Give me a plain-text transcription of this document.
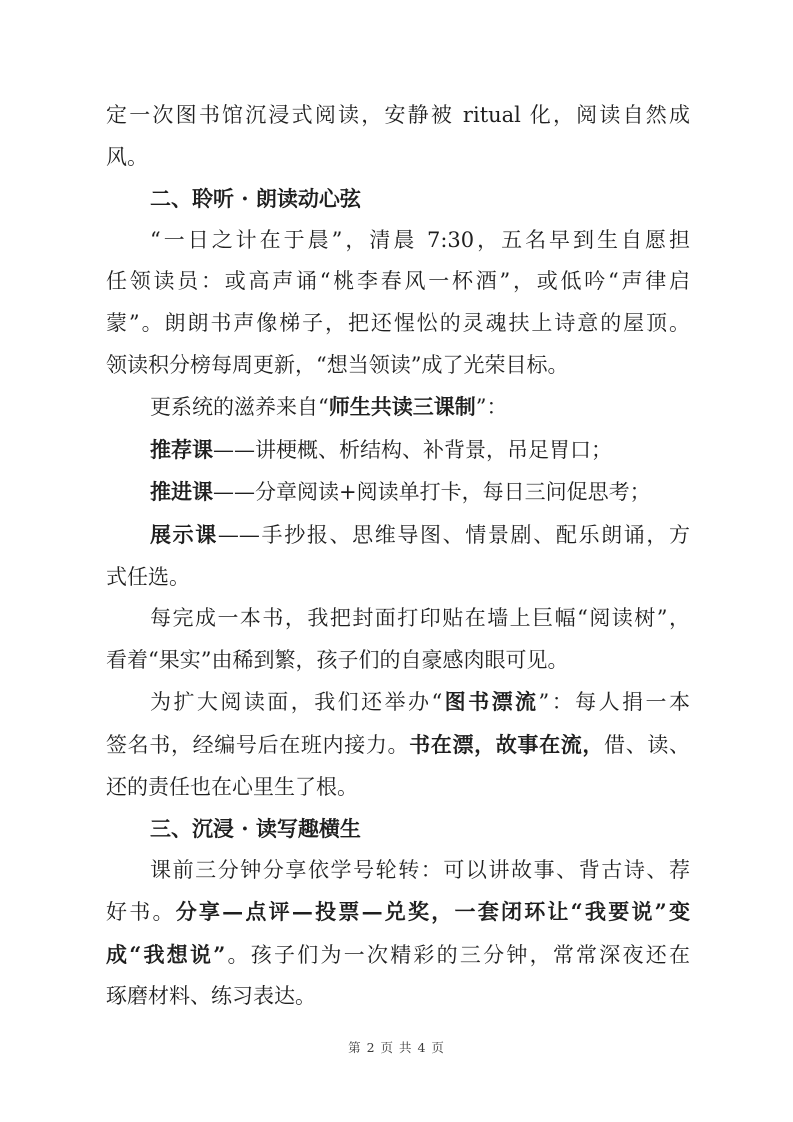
定一次图书馆沉浸式阅读，安静被 ritual 化，阅读自然成
风。
二、聆听 · 朗读动心弦
“一日之计在于晨”，清晨 7:30，五名早到生自愿担
任领读员：或高声诵“桃李春风一杯酒”，或低吟“声律启
蒙”。朗朗书声像梯子，把还惺忪的灵魂扶上诗意的屋顶。
领读积分榜每周更新，“想当领读”成了光荣目标。
更系统的滋养来自“师生共读三课制”：
推荐课——讲梗概、析结构、补背景，吊足胃口；
推进课——分章阅读+阅读单打卡，每日三问促思考；
展示课——手抄报、思维导图、情景剧、配乐朗诵，方
式任选。
每完成一本书，我把封面打印贴在墙上巨幅“阅读树”，
看着“果实”由稀到繁，孩子们的自豪感肉眼可见。
为扩大阅读面，我们还举办“图书漂流”：每人捐一本
签名书，经编号后在班内接力。书在漂，故事在流，借、读、
还的责任也在心里生了根。
三、沉浸 · 读写趣横生
课前三分钟分享依学号轮转：可以讲故事、背古诗、荐
好书。分享—点评—投票—兑奖，一套闭环让“我要说”变
成“我想说”。孩子们为一次精彩的三分钟，常常深夜还在
琢磨材料、练习表达。
第 2 页 共 4 页
